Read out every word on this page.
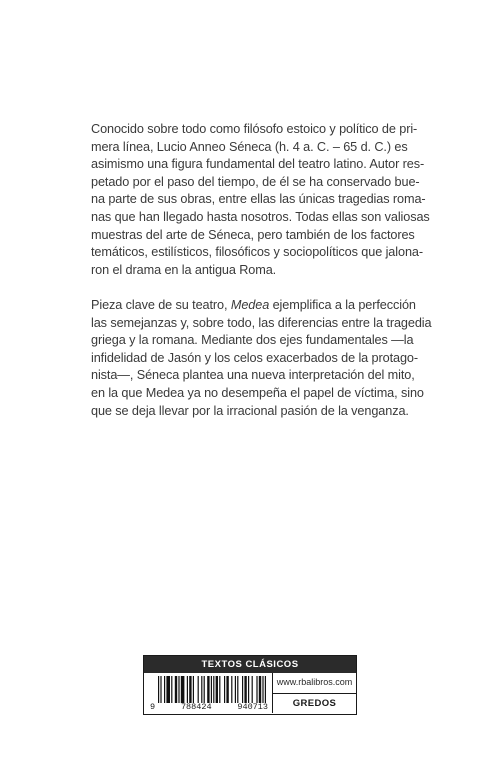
Conocido sobre todo como filósofo estoico y político de pri-
mera línea, Lucio Anneo Séneca (h. 4 a. C. – 65 d. C.) es
asimismo una figura fundamental del teatro latino. Autor res-
petado por el paso del tiempo, de él se ha conservado bue-
na parte de sus obras, entre ellas las únicas tragedias roma-
nas que han llegado hasta nosotros. Todas ellas son valiosas
muestras del arte de Séneca, pero también de los factores
temáticos, estilísticos, filosóficos y sociopolíticos que jalona-
ron el drama en la antigua Roma.
Pieza clave de su teatro, Medea ejemplifica a la perfección
las semejanzas y, sobre todo, las diferencias entre la tragedia
griega y la romana. Mediante dos ejes fundamentales —la
infidelidad de Jasón y los celos exacerbados de la protago-
nista—, Séneca plantea una nueva interpretación del mito,
en la que Medea ya no desempeña el papel de víctima, sino
que se deja llevar por la irracional pasión de la venganza.
TEXTOS CLÁSICOS
9	788424	940713
www.rbalibros.com
GREDOS
